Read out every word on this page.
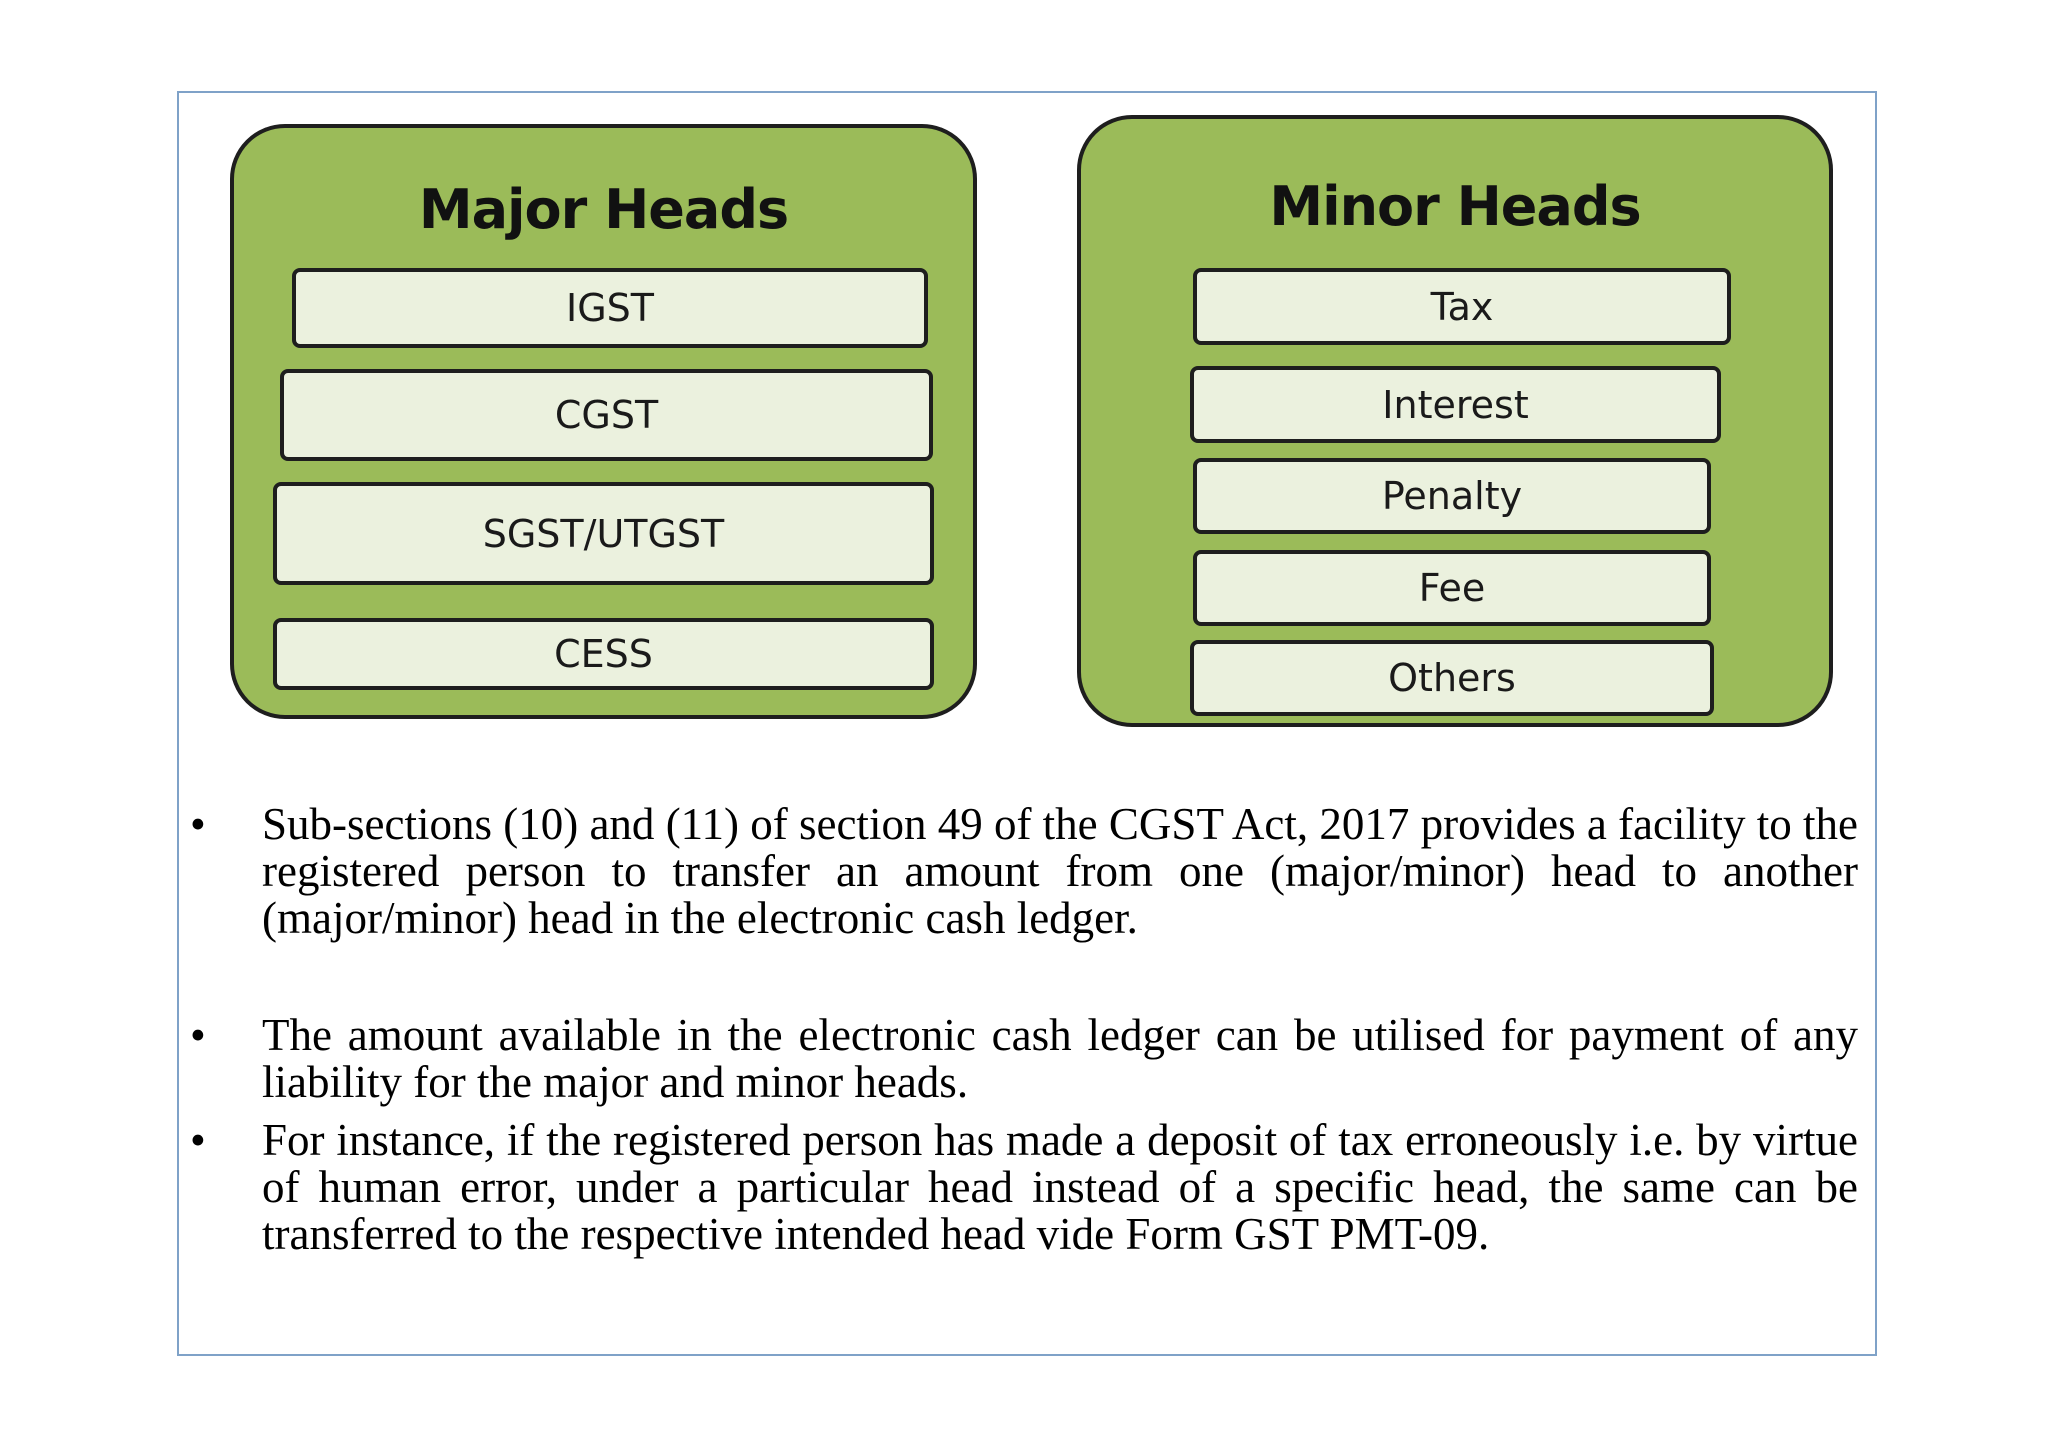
Major Heads
IGST
CGST
SGST/UTGST
CESS
Minor Heads
Tax
Interest
Penalty
Fee
Others
•	Sub-sections (10) and (11) of section 49 of the CGST Act, 2017 provides a facility to the registered person to transfer an amount from one (major/minor) head to another (major/minor) head in the electronic cash ledger.
•	The amount available in the electronic cash ledger can be utilised for payment of any liability for the major and minor heads.
•	For instance, if the registered person has made a deposit of tax erroneously i.e. by virtue of human error, under a particular head instead of a specific head, the same can be transferred to the respective intended head vide Form GST PMT-09.
